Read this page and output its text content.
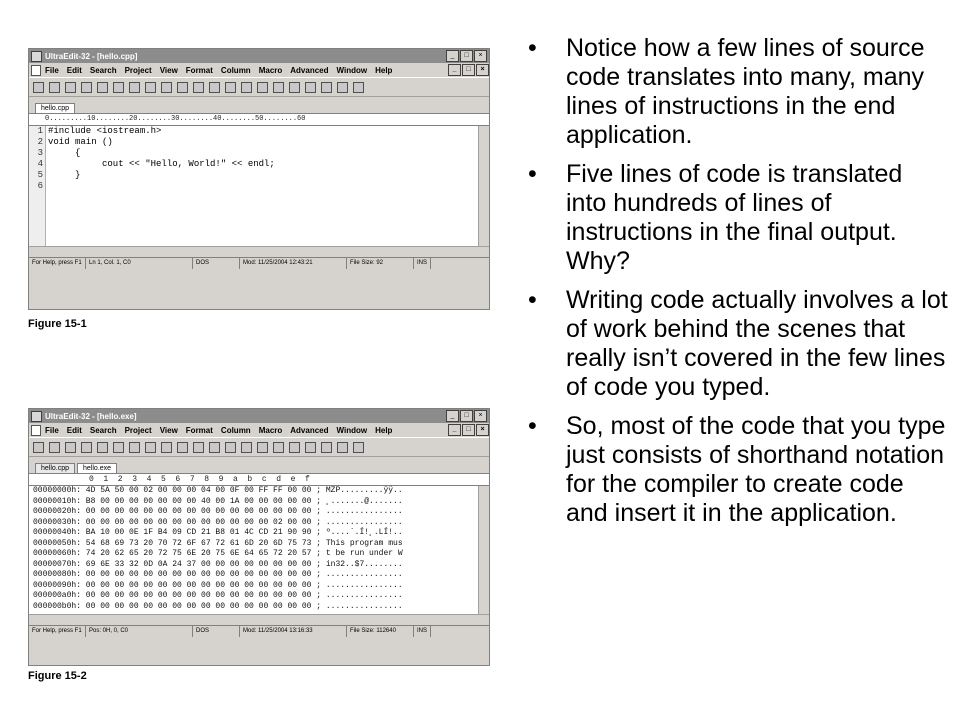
UltraEdit-32 - [hello.cpp]	_	□	×
File Edit Search Project View Format Column Macro Advanced Window Help	_	□	×
hello.cpp
0.........10........20........30........40........50........60
1
2
3
4
5
6
#include <iostream.h>
void main ()
{
cout << "Hello, World!" << endl;
}
For Help, press F1	Ln 1, Col. 1, C0	DOS	Mod: 11/25/2004 12:43:21	File Size: 92	INS
Figure 15-1
UltraEdit-32 - [hello.exe]	_	□	×
File Edit Search Project View Format Column Macro Advanced Window Help	_	□	×
hello.cpp	hello.exe
0  1  2  3  4  5  6  7  8  9  a  b  c  d  e  f
00000000h: 4D 5A 50 00 02 00 00 00 04 00 0F 00 FF FF 00 00 ; MZP.........ÿÿ..
00000010h: B8 00 00 00 00 00 00 00 40 00 1A 00 00 00 00 00 ; ¸.......@.......
00000020h: 00 00 00 00 00 00 00 00 00 00 00 00 00 00 00 00 ; ................
00000030h: 00 00 00 00 00 00 00 00 00 00 00 00 00 02 00 00 ; ................
00000040h: BA 10 00 0E 1F B4 09 CD 21 B8 01 4C CD 21 90 90 ; º....´.Í!¸.LÍ!..
00000050h: 54 68 69 73 20 70 72 6F 67 72 61 6D 20 6D 75 73 ; This program mus
00000060h: 74 20 62 65 20 72 75 6E 20 75 6E 64 65 72 20 57 ; t be run under W
00000070h: 69 6E 33 32 0D 0A 24 37 00 00 00 00 00 00 00 00 ; in32..$7........
00000080h: 00 00 00 00 00 00 00 00 00 00 00 00 00 00 00 00 ; ................
00000090h: 00 00 00 00 00 00 00 00 00 00 00 00 00 00 00 00 ; ................
000000a0h: 00 00 00 00 00 00 00 00 00 00 00 00 00 00 00 00 ; ................
000000b0h: 00 00 00 00 00 00 00 00 00 00 00 00 00 00 00 00 ; ................
For Help, press F1	Pos: 0H, 0, C0	DOS	Mod: 11/25/2004 13:16:33	File Size: 112640	INS
Figure 15-2
• Notice how a few lines of source code translates into many, many lines of instructions in the end application.
• Five lines of code is translated into hundreds of lines of instructions in the final output. Why?
• Writing code actually involves a lot of work behind the scenes that really isn’t covered in the few lines of code you typed.
• So, most of the code that you type just consists of shorthand notation for the compiler to create code and insert it in the application.
